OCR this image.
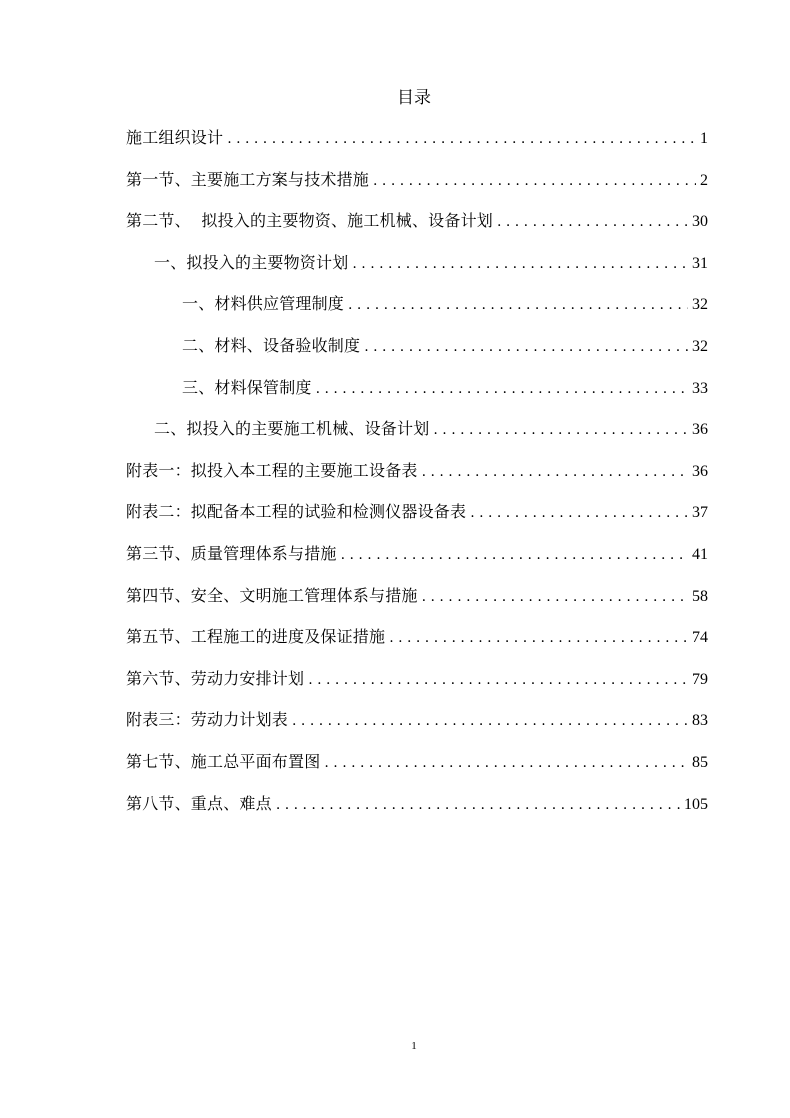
目录
施工组织设计 . . .	1
第一节、主要施工方案与技术措施 . . .	2
第二节、  拟投入的主要物资、施工机械、设备计划 . . .	30
一、拟投入的主要物资计划 . . .	31
一、材料供应管理制度 . . .	32
二、材料、设备验收制度 . . .	32
三、材料保管制度 . . .	33
二、拟投入的主要施工机械、设备计划 . . .	36
附表一：拟投入本工程的主要施工设备表 . . .	36
附表二：拟配备本工程的试验和检测仪器设备表 . . .	37
第三节、质量管理体系与措施 . . .	41
第四节、安全、文明施工管理体系与措施 . . .	58
第五节、工程施工的进度及保证措施 . . .	74
第六节、劳动力安排计划 . . .	79
附表三：劳动力计划表 . . .	83
第七节、施工总平面布置图 . . .	85
第八节、重点、难点 . . .	105
1
